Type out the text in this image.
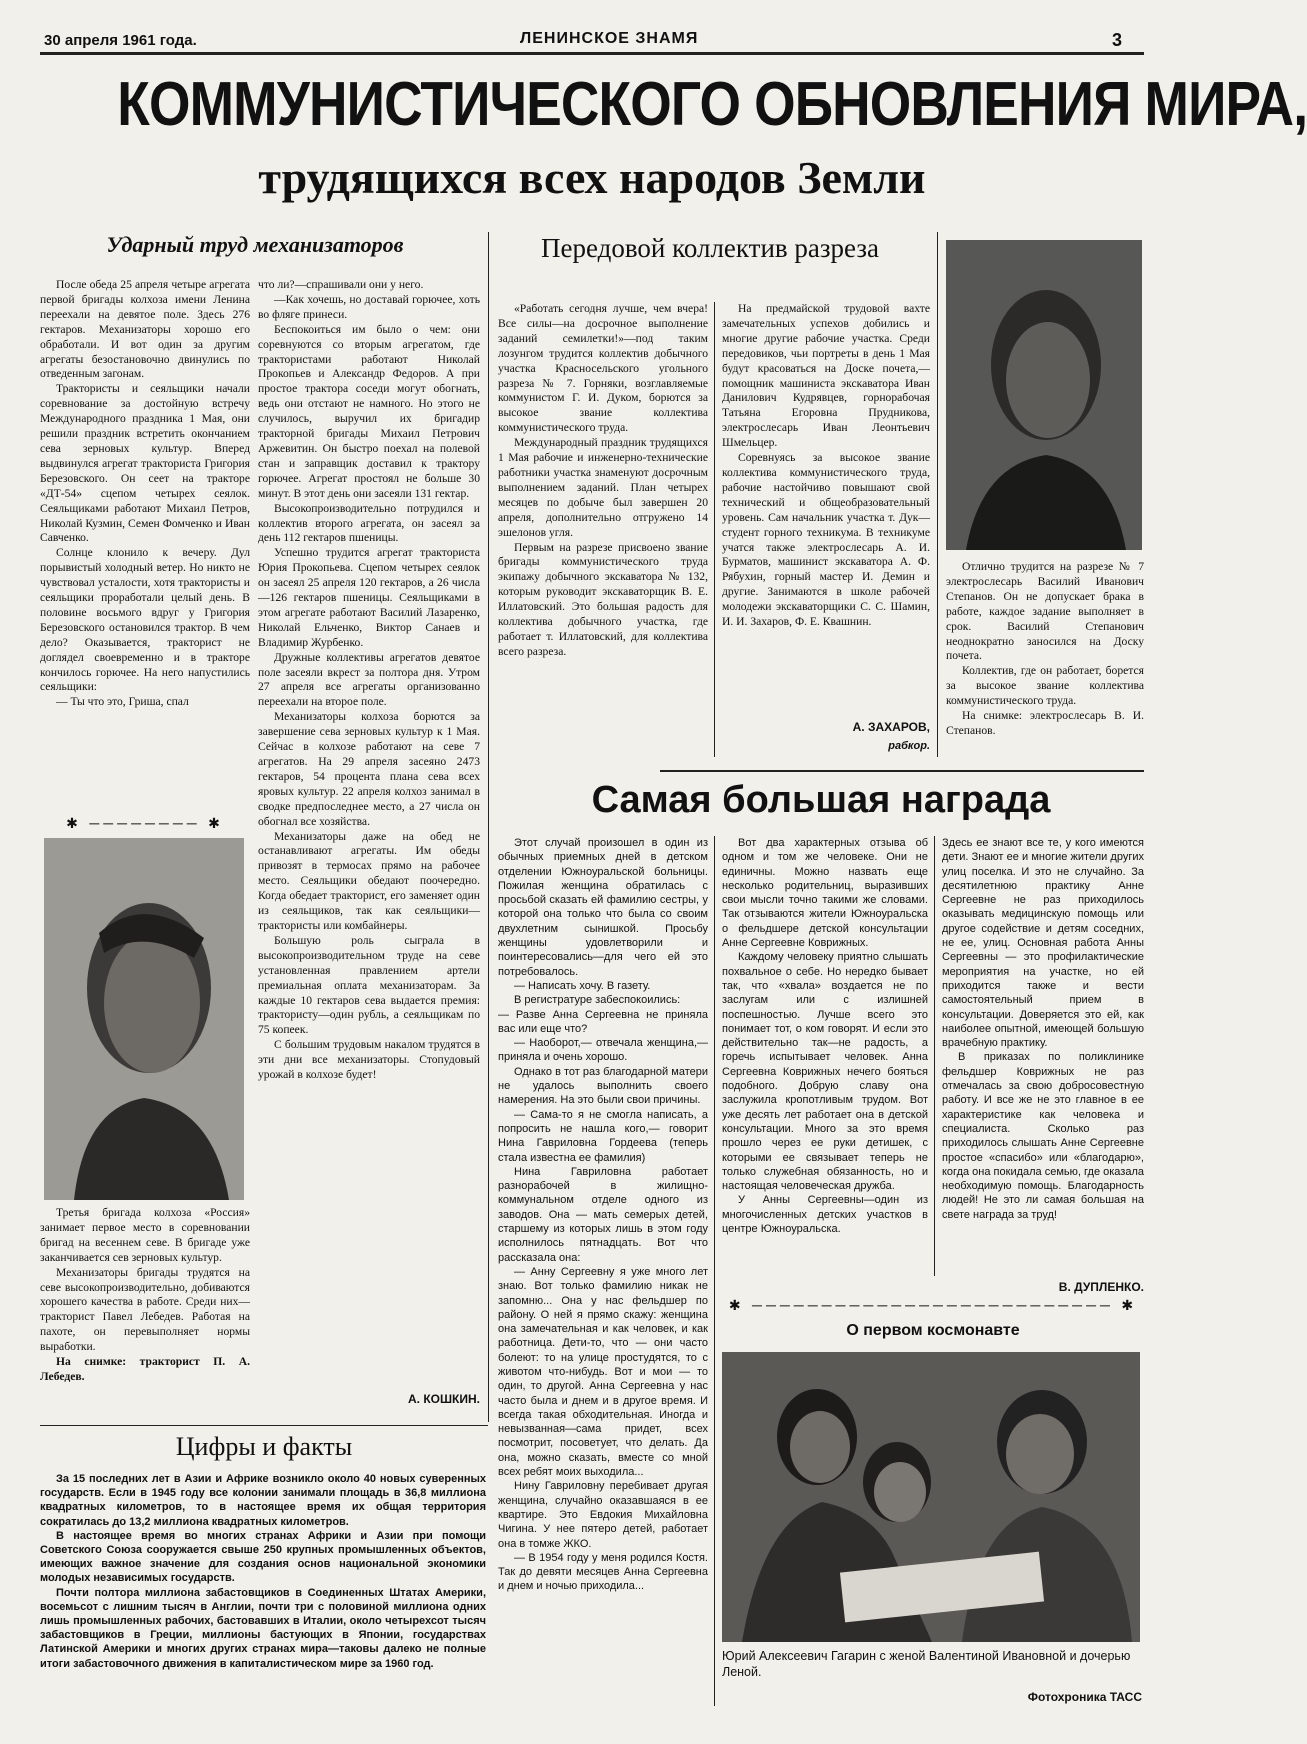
30 апреля 1961 года.	ЛЕНИНСКОЕ ЗНАМЯ	3
КОММУНИСТИЧЕСКОГО ОБНОВЛЕНИЯ МИРА,
трудящихся всех народов Земли
Ударный труд механизаторов

После обеда 25 апреля четыре агрегата первой бригады колхоза имени Ленина переехали на девятое поле. Здесь 276 гектаров. Механизаторы хорошо его обработали. И вот один за другим агрегаты безостановочно двинулись по отведенным загонам.

Трактористы и сеяльщики начали соревнование за достойную встречу Международного праздника 1 Мая, они решили праздник встретить окончанием сева зерновых культур. Вперед выдвинулся агрегат тракториста Григория Березовского. Он сеет на тракторе «ДТ-54» сцепом четырех сеялок. Сеяльщиками работают Михаил Петров, Николай Кузмин, Семен Фомченко и Иван Савченко.

Солнце клонило к вечеру. Дул порывистый холодный ветер. Но никто не чувствовал усталости, хотя трактористы и сеяльщики проработали целый день. В половине восьмого вдруг у Григория Березовского остановился трактор. В чем дело? Оказывается, тракторист не доглядел своевременно и в тракторе кончилось горючее. На него напустились сеяльщики:

— Ты что это, Гриша, спал

✱ ──────── ✱

Третья бригада колхоза «Россия» занимает первое место в соревновании бригад на весеннем севе. В бригаде уже заканчивается сев зерновых культур.

Механизаторы бригады трудятся на севе высокопроизводительно, добиваются хорошего качества в работе. Среди них— тракторист Павел Лебедев. Работая на пахоте, он перевыполняет нормы выработки.

На снимке: тракторист П. А. Лебедев.

что ли?—спрашивали они у него.

—Как хочешь, но доставай горючее, хоть во фляге принеси.

Беспокоиться им было о чем: они соревнуются со вторым агрегатом, где трактористами работают Николай Прокопьев и Александр Федоров. А при простое трактора соседи могут обогнать, ведь они отстают не намного. Но этого не случилось, выручил их бригадир тракторной бригады Михаил Петрович Аржевитин. Он быстро поехал на полевой стан и заправщик доставил к трактору горючее. Агрегат простоял не больше 30 минут. В этот день они засеяли 131 гектар.

Высокопроизводительно потрудился и коллектив второго агрегата, он засеял за день 112 гектаров пшеницы.

Успешно трудится агрегат тракториста Юрия Прокопьева. Сцепом четырех сеялок он засеял 25 апреля 120 гектаров, а 26 числа —126 гектаров пшеницы. Сеяльщиками в этом агрегате работают Василий Лазаренко, Николай Ельченко, Виктор Санаев и Владимир Журбенко.

Дружные коллективы агрегатов девятое поле засеяли вкрест за полтора дня. Утром 27 апреля все агрегаты организованно переехали на второе поле.

Механизаторы колхоза борются за завершение сева зерновых культур к 1 Мая. Сейчас в колхозе работают на севе 7 агрегатов. На 29 апреля засеяно 2473 гектаров, 54 процента плана сева всех яровых культур. 22 апреля колхоз занимал в сводке предпоследнее место, а 27 числа он обогнал все хозяйства.

Механизаторы даже на обед не останавливают агрегаты. Им обеды привозят в термосах прямо на рабочее место. Сеяльщики обедают поочередно. Когда обедает тракторист, его заменяет один из сеяльщиков, так как сеяльщики—трактористы или комбайнеры.

Большую роль сыграла в высокопроизводительном труде на севе установленная правлением артели премиальная оплата механизаторам. За каждые 10 гектаров сева выдается премия: трактористу—один рубль, а сеяльщикам по 75 копеек.

С большим трудовым накалом трудятся в эти дни все механизаторы. Стопудовый урожай в колхозе будет!

А. КОШКИН.
Цифры и факты

За 15 последних лет в Азии и Африке возникло около 40 новых суверенных государств. Если в 1945 году все колонии занимали площадь в 36,8 миллиона квадратных километров, то в настоящее время их общая территория сократилась до 13,2 миллиона квадратных километров.

В настоящее время во многих странах Африки и Азии при помощи Советского Союза сооружается свыше 250 крупных промышленных объектов, имеющих важное значение для создания основ национальной экономики молодых независимых государств.

Почти полтора миллиона забастовщиков в Соединенных Штатах Америки, восемьсот с лишним тысяч в Англии, почти три с половиной миллиона одних лишь промышленных рабочих, бастовавших в Италии, около четырехсот тысяч забастовщиков в Греции, миллионы бастующих в Японии, государствах Латинской Америки и многих других странах мира—таковы далеко не полные итоги забастовочного движения в капиталистическом мире за 1960 год.

Передовой коллектив разреза

«Работать сегодня лучше, чем вчера! Все силы—на досрочное выполнение заданий семилетки!»—под таким лозунгом трудится коллектив добычного участка Красносельского угольного разреза № 7. Горняки, возглавляемые коммунистом Г. И. Дуком, борются за высокое звание коллектива коммунистического труда.

Международный праздник трудящихся 1 Мая рабочие и инженерно-технические работники участка знаменуют досрочным выполнением заданий. План четырех месяцев по добыче был завершен 20 апреля, дополнительно отгружено 14 эшелонов угля.

Первым на разрезе присвоено звание бригады коммунистического труда экипажу добычного экскаватора № 132, которым руководит экскаваторщик В. Е. Иллатовский. Это большая радость для коллектива добычного участка, где работает т. Иллатовский, для коллектива всего разреза.

На предмайской трудовой вахте замечательных успехов добились и многие другие рабочие участка. Среди передовиков, чьи портреты в день 1 Мая будут красоваться на Доске почета,—помощник машиниста экскаватора Иван Данилович Кудрявцев, горнорабочая Татьяна Егоровна Прудникова, электрослесарь Иван Леонтьевич Шмельцер.

Соревнуясь за высокое звание коллектива коммунистического труда, рабочие настойчиво повышают свой технический и общеобразовательный уровень. Сам начальник участка т. Дук—студент горного техникума. В техникуме учатся также электрослесарь А. И. Бурматов, машинист экскаватора А. Ф. Рябухин, горный мастер И. Демин и другие. Занимаются в школе рабочей молодежи экскаваторщики С. С. Шамин, И. И. Захаров, Ф. Е. Квашнин.

А. ЗАХАРОВ,
рабкор.

Отлично трудится на разрезе № 7 электрослесарь Василий Иванович Степанов. Он не допускает брака в работе, каждое задание выполняет в срок. Василий Степанович неоднократно заносился на Доску почета.

Коллектив, где он работает, борется за высокое звание коллектива коммунистического труда.

На снимке: электрослесарь В. И. Степанов.

Самая большая награда

Этот случай произошел в один из обычных приемных дней в детском отделении Южноуральской больницы. Пожилая женщина обратилась с просьбой сказать ей фамилию сестры, у которой она только что была со своим двухлетним сынишкой. Просьбу женщины удовлетворили и поинтересовались—для чего ей это потребовалось.

— Написать хочу. В газету.

В регистратуре забеспокоились:

— Разве Анна Сергеевна не приняла вас или еще что?

— Наоборот,— отвечала женщина,— приняла и очень хорошо.

Однако в тот раз благодарной матери не удалось выполнить своего намерения. На это были свои причины.

— Сама-то я не смогла написать, а попросить не нашла кого,— говорит Нина Гавриловна Гордеева (теперь стала известна ее фамилия)

Нина Гавриловна работает разнорабочей в жилищно-коммунальном отделе одного из заводов. Она — мать семерых детей, старшему из которых лишь в этом году исполнилось пятнадцать. Вот что рассказала она:

— Анну Сергеевну я уже много лет знаю. Вот только фамилию никак не запомню... Она у нас фельдшер по району. О ней я прямо скажу: женщина она замечательная и как человек, и как работница. Дети-то, что — они часто болеют: то на улице простудятся, то с животом что-нибудь. Вот и мои — то один, то другой. Анна Сергеевна у нас часто была и днем и в другое время. И всегда такая обходительная. Иногда и невызванная—сама придет, всех посмотрит, посоветует, что делать. Да она, можно сказать, вместе со мной всех ребят моих выходила...

Нину Гавриловну перебивает другая женщина, случайно оказавшаяся в ее квартире. Это Евдокия Михайловна Чигина. У нее пятеро детей, работает она в томже ЖКО.

— В 1954 году у меня родился Костя. Так до девяти месяцев Анна Сергеевна и днем и ночью приходила...

Вот два характерных отзыва об одном и том же человеке. Они не единичны. Можно назвать еще несколько родительниц, выразивших свои мысли точно такими же словами. Так отзываются жители Южноуральска о фельдшере детской консультации Анне Сергеевне Коврижных.

Каждому человеку приятно слышать похвальное о себе. Но нередко бывает так, что «хвала» воздается не по заслугам или с излишней поспешностью. Лучше всего это понимает тот, о ком говорят. И если это действительно так—не радость, а горечь испытывает человек. Анна Сергеевна Коврижных нечего бояться подобного. Добрую славу она заслужила кропотливым трудом. Вот уже десять лет работает она в детской консультации. Много за это время прошло через ее руки детишек, с которыми ее связывает теперь не только служебная обязанность, но и настоящая человеческая дружба.

У Анны Сергеевны—один из многочисленных детских участков в центре Южноуральска.

Здесь ее знают все те, у кого имеются дети. Знают ее и многие жители других улиц поселка. И это не случайно. За десятилетнюю практику Анне Сергеевне не раз приходилось оказывать медицинскую помощь или другое содействие и детям соседних, не ее, улиц. Основная работа Анны Сергеевны — это профилактические мероприятия на участке, но ей приходится также и вести самостоятельный прием в консультации. Доверяется это ей, как наиболее опытной, имеющей большую врачебную практику.

В приказах по поликлинике фельдшер Коврижных не раз отмечалась за свою добросовестную работу. И все же не это главное в ее характеристике как человека и специалиста. Сколько раз приходилось слышать Анне Сергеевне простое «спасибо» или «благодарю», когда она покидала семью, где оказала необходимую помощь. Благодарность людей! Не это ли самая большая на свете награда за труд!

В. ДУПЛЕНКО.
✱ ────────────────────────── ✱
О первом космонавте
Юрий Алексеевич Гагарин с женой Валентиной Ивановной и дочерью Леной.
Фотохроника ТАСС
